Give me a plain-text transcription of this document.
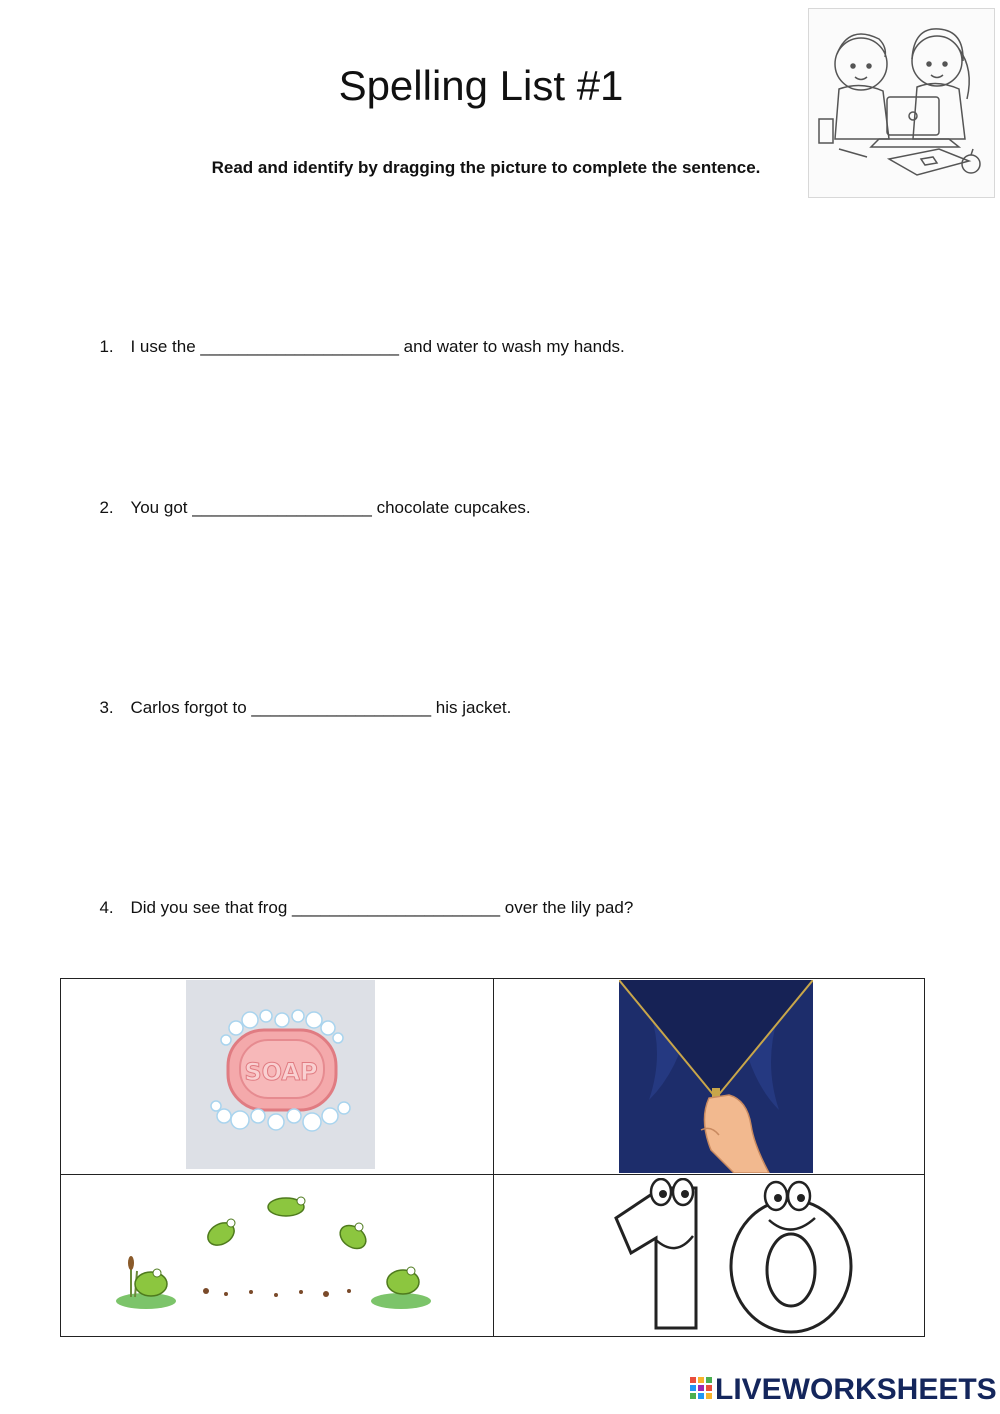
Spelling List #1
Read and identify by dragging the picture to complete the sentence.

1. I use the _____________________ and water to wash my hands.

2. You got ___________________ chocolate cupcakes.

3. Carlos forgot to ___________________ his jacket.

4. Did you see that frog ______________________ over the lily pad?

SOAP
LIVEWORKSHEETS
